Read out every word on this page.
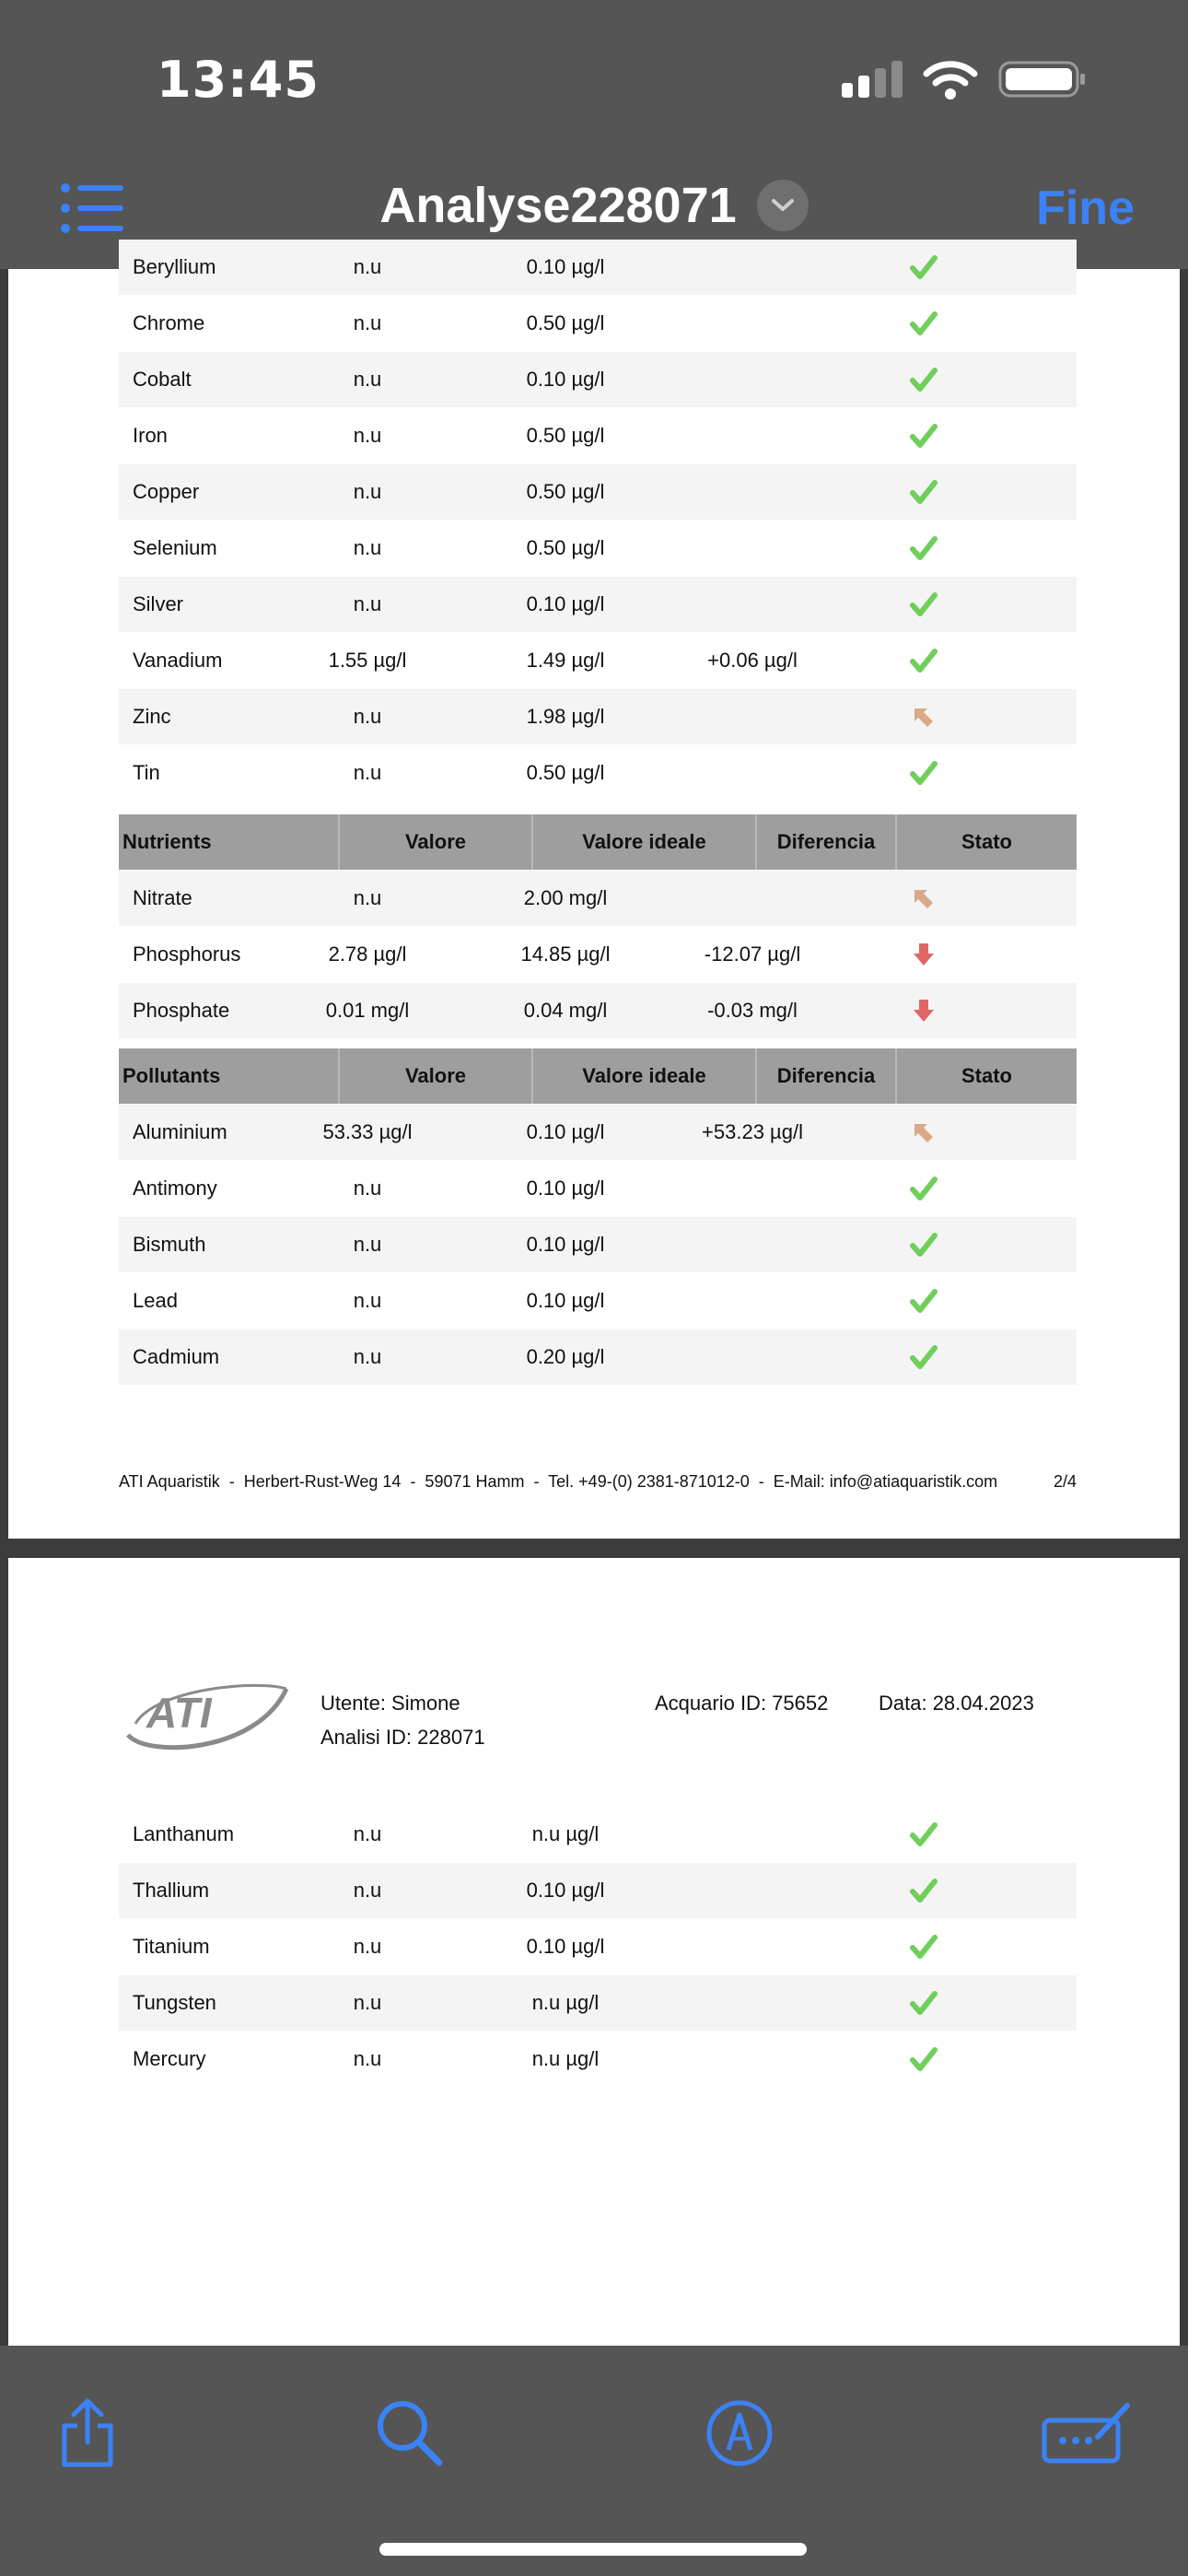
13:45
Analyse228071	Fine
Beryllium	n.u	0.10 µg/l
Chrome	n.u	0.50 µg/l
Cobalt	n.u	0.10 µg/l
Iron	n.u	0.50 µg/l
Copper	n.u	0.50 µg/l
Selenium	n.u	0.50 µg/l
Silver	n.u	0.10 µg/l
Vanadium	1.55 µg/l	1.49 µg/l	+0.06 µg/l
Zinc	n.u	1.98 µg/l
Tin	n.u	0.50 µg/l
Nutrients	Valore	Valore ideale	Diferencia	Stato
Nitrate	n.u	2.00 mg/l
Phosphorus	2.78 µg/l	14.85 µg/l	-12.07 µg/l
Phosphate	0.01 mg/l	0.04 mg/l	-0.03 mg/l
Pollutants	Valore	Valore ideale	Diferencia	Stato
Aluminium	53.33 µg/l	0.10 µg/l	+53.23 µg/l
Antimony	n.u	0.10 µg/l
Bismuth	n.u	0.10 µg/l
Lead	n.u	0.10 µg/l
Cadmium	n.u	0.20 µg/l
ATI Aquaristik  -  Herbert-Rust-Weg 14  -  59071 Hamm  -  Tel. +49-(0) 2381-871012-0  -  E-Mail: info@atiaquaristik.com	2/4
ATI	Utente: Simone
Analisi ID: 228071
Acquario ID: 75652 Data: 28.04.2023
Lanthanum	n.u	n.u µg/l
Thallium	n.u	0.10 µg/l
Titanium	n.u	0.10 µg/l
Tungsten	n.u	n.u µg/l
Mercury	n.u	n.u µg/l
